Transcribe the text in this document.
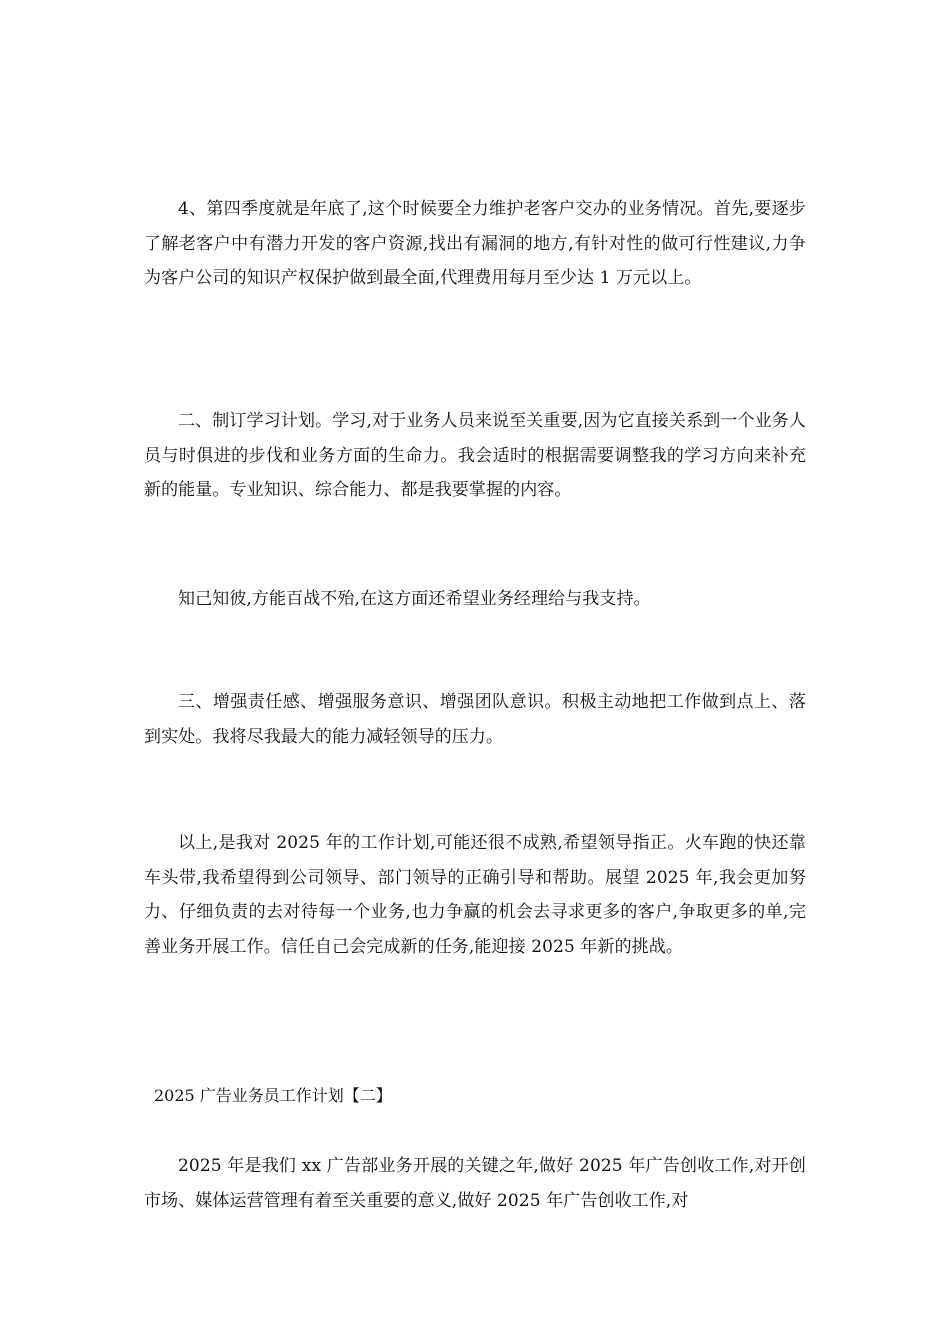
4、第四季度就是年底了,这个时候要全力维护老客户交办的业务情况。首先,要逐步了解老客户中有潜力开发的客户资源,找出有漏洞的地方,有针对性的做可行性建议,力争为客户公司的知识产权保护做到最全面,代理费用每月至少达 1 万元以上。

二、制订学习计划。学习,对于业务人员来说至关重要,因为它直接关系到一个业务人员与时俱进的步伐和业务方面的生命力。我会适时的根据需要调整我的学习方向来补充新的能量。专业知识、综合能力、都是我要掌握的内容。

知己知彼,方能百战不殆,在这方面还希望业务经理给与我支持。

三、增强责任感、增强服务意识、增强团队意识。积极主动地把工作做到点上、落到实处。我将尽我最大的能力减轻领导的压力。

以上,是我对 2025 年的工作计划,可能还很不成熟,希望领导指正。火车跑的快还靠车头带,我希望得到公司领导、部门领导的正确引导和帮助。展望 2025 年,我会更加努力、仔细负责的去对待每一个业务,也力争赢的机会去寻求更多的客户,争取更多的单,完善业务开展工作。信任自己会完成新的任务,能迎接 2025 年新的挑战。

2025 广告业务员工作计划【二】

2025 年是我们 xx 广告部业务开展的关键之年,做好 2025 年广告创收工作,对开创市场、媒体运营管理有着至关重要的意义,做好 2025 年广告创收工作,对
